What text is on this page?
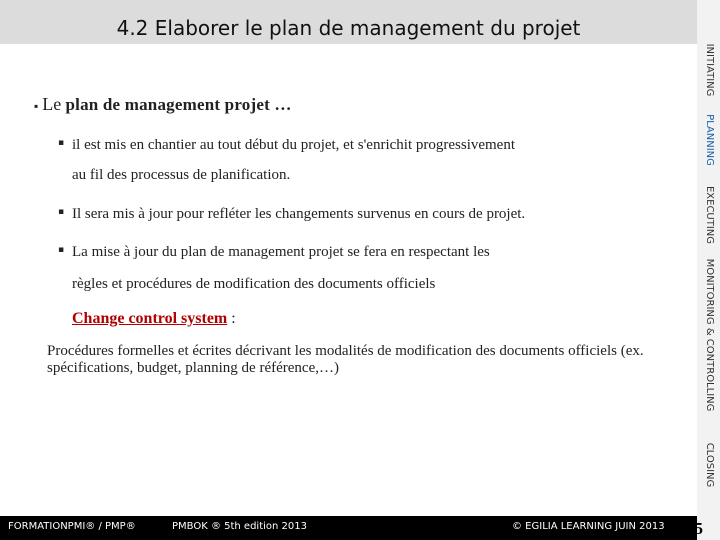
4.2 Elaborer le plan de management du projet
INITIATING
PLANNING
EXECUTING
MONITORING & CONTROLLING
CLOSING
▪ Le plan de management projet …
▪ il est mis en chantier au tout début du projet, et s'enrichit progressivement
au fil des processus de planification.
▪ Il sera mis à jour pour refléter les changements survenus en cours de projet.
▪ La mise à jour du plan de management projet se fera en respectant les
règles et procédures de modification des documents officiels
Change control system :
Procédures formelles et écrites décrivant les modalités de modification des documents officiels (ex. spécifications, budget, planning de référence,…)
FORMATIONPMI® / PMP®	PMBOK ® 5th edition 2013	© EGILIA LEARNING JUIN 2013 65
